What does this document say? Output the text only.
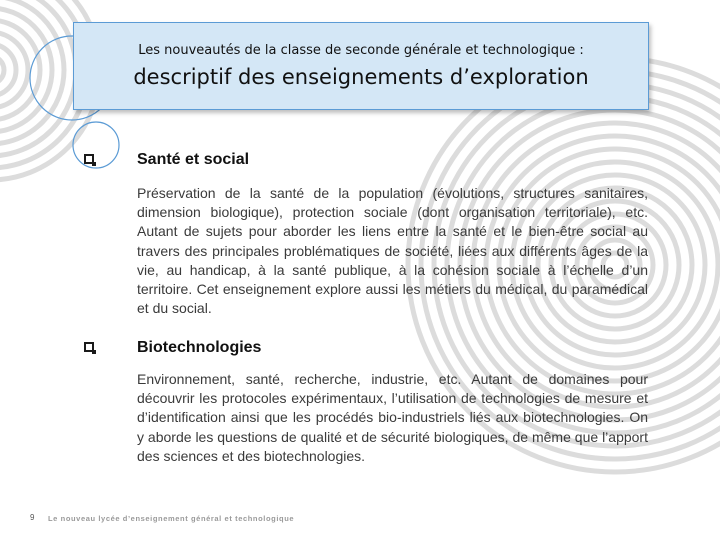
Les nouveautés de la classe de seconde générale et technologique :
descriptif des enseignements d’exploration
Santé et social
Préservation de la santé de la population (évolutions, structures sanitaires, dimension biologique), protection sociale (dont organisation territoriale), etc. Autant de sujets pour aborder les liens entre la santé et le bien-être social au travers des principales problématiques de société, liées aux différents âges de la vie, au handicap, à la santé publique, à la cohésion sociale à l’échelle d’un territoire. Cet enseignement explore aussi les métiers du médical, du paramédical et du social.
Biotechnologies
Environnement, santé, recherche, industrie, etc. Autant de domaines pour découvrir les protocoles expérimentaux, l’utilisation de technologies de mesure et d’identification ainsi que les procédés bio-industriels liés aux biotechnologies. On y aborde les questions de qualité et de sécurité biologiques, de même que l’apport des sciences et des biotechnologies.
9 Le nouveau lycée d’enseignement général et technologique
